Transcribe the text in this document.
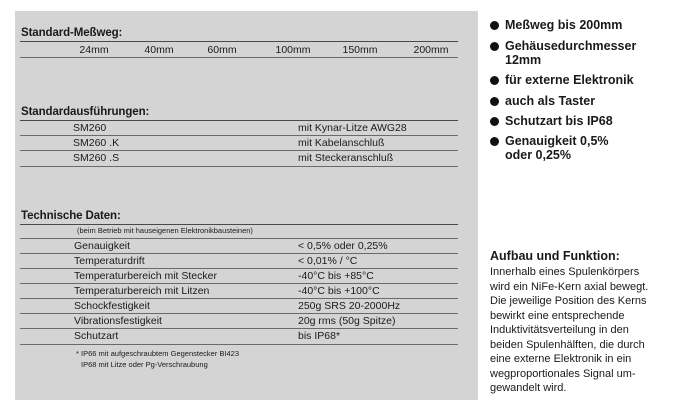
Standard-Meßweg:
24mm	40mm	60mm	100mm	150mm	200mm
Standardausführungen:
SM260	mit Kynar-Litze AWG28
SM260 .K	mit Kabelanschluß
SM260 .S	mit Steckeranschluß
Technische Daten:
(beim Betrieb mit hauseigenen Elektronikbausteinen)
Genauigkeit	< 0,5% oder 0,25%
Temperaturdrift	< 0,01% / °C
Temperaturbereich mit Stecker	-40°C bis +85°C
Temperaturbereich mit Litzen	-40°C bis +100°C
Schockfestigkeit	250g SRS 20-2000Hz
Vibrationsfestigkeit	20g rms (50g Spitze)
Schutzart	bis IP68*
* IP66 mit aufgeschraubtem Gegenstecker BI423
IP68 mit Litze oder Pg-Verschraubung
Meßweg bis 200mm
Gehäusedurchmesser
12mm
für externe Elektronik
auch als Taster
Schutzart bis IP68
Genauigkeit 0,5%
oder 0,25%
Aufbau und Funktion:
Innerhalb eines Spulenkörpers
wird ein NiFe-Kern axial bewegt.
Die jeweilige Position des Kerns
bewirkt eine entsprechende
Induktivitätsverteilung in den
beiden Spulenhälften, die durch
eine externe Elektronik in ein
wegproportionales Signal um-
gewandelt wird.
